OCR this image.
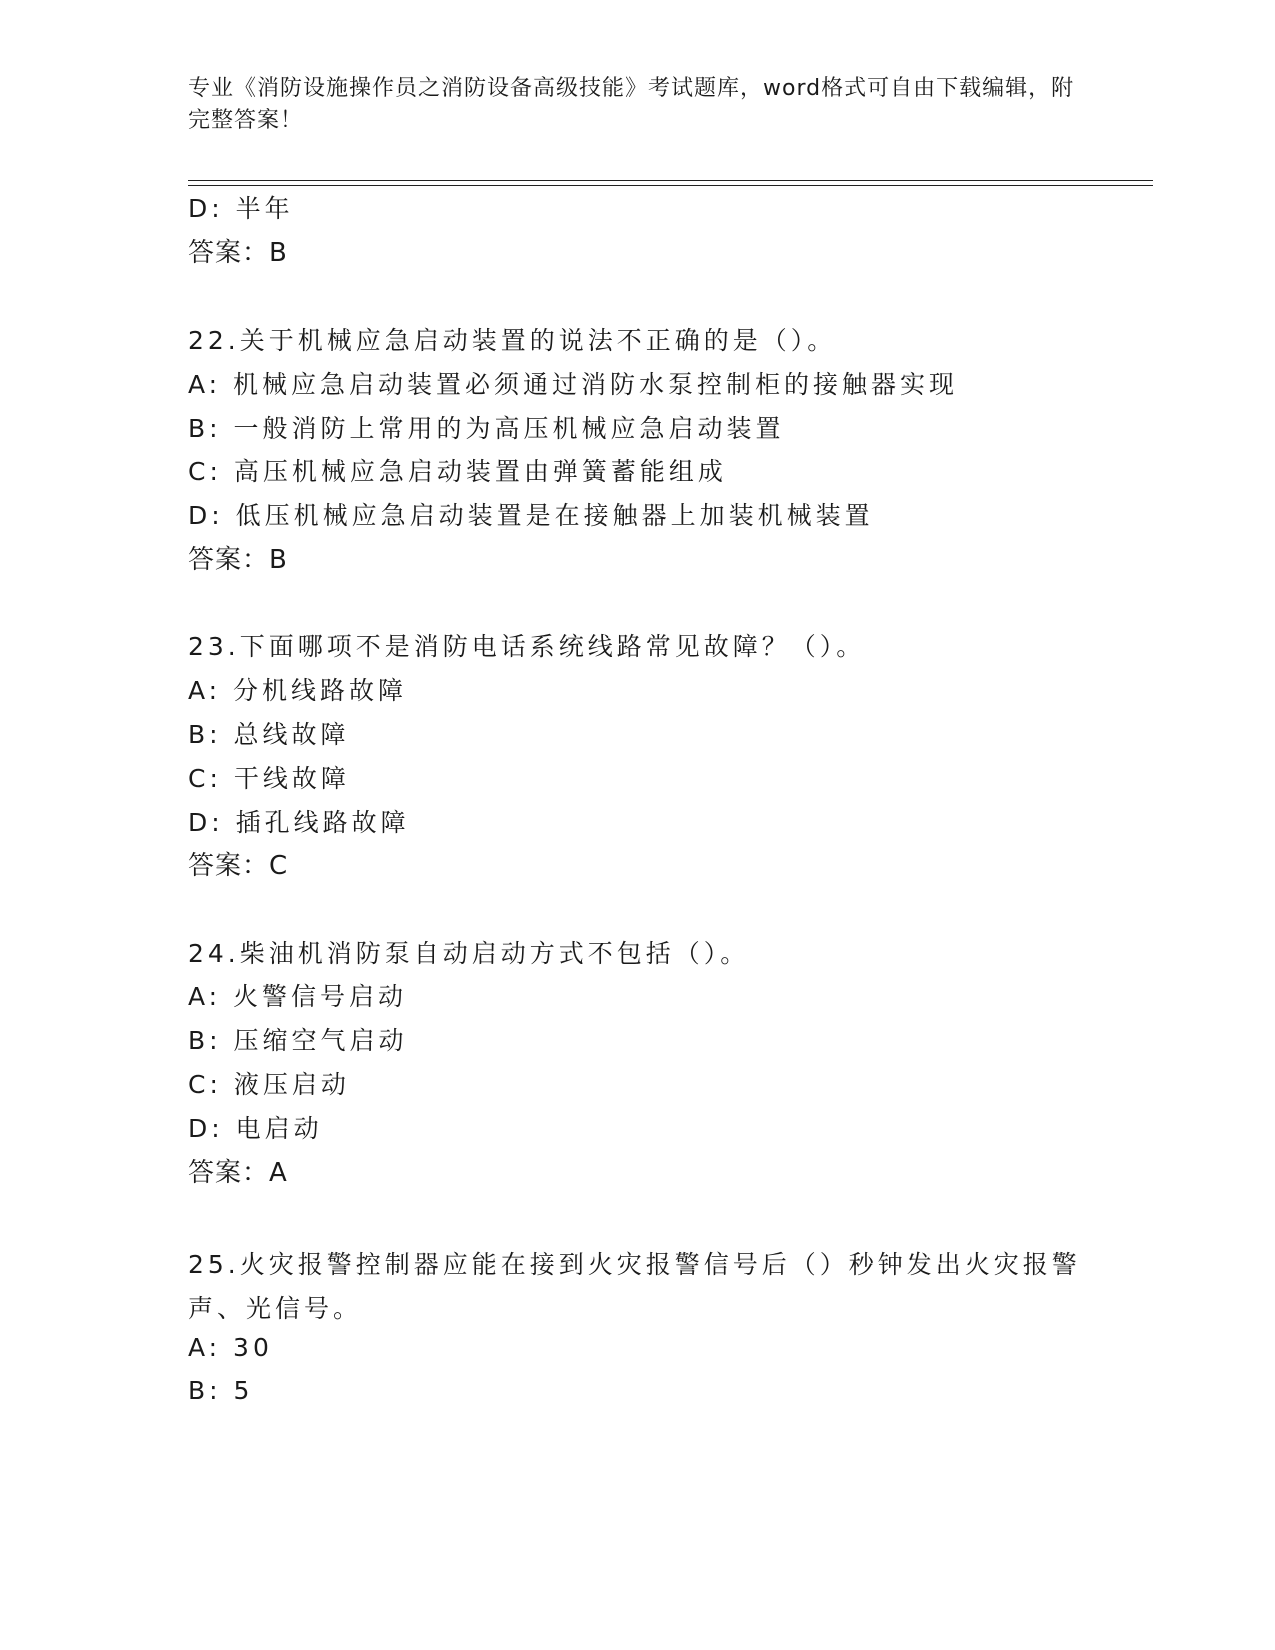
专业《消防设施操作员之消防设备高级技能》考试题库，word格式可自由下载编辑，附完整答案！
D: 半年
答案：B
22.关于机械应急启动装置的说法不正确的是（）。
A: 机械应急启动装置必须通过消防水泵控制柜的接触器实现
B: 一般消防上常用的为高压机械应急启动装置
C: 高压机械应急启动装置由弹簧蓄能组成
D: 低压机械应急启动装置是在接触器上加装机械装置
答案：B
23.下面哪项不是消防电话系统线路常见故障？（）。
A: 分机线路故障
B: 总线故障
C: 干线故障
D: 插孔线路故障
答案：C
24.柴油机消防泵自动启动方式不包括（）。
A: 火警信号启动
B: 压缩空气启动
C: 液压启动
D: 电启动
答案：A
25.火灾报警控制器应能在接到火灾报警信号后（）秒钟发出火灾报警声、光信号。
A: 30
B: 5
